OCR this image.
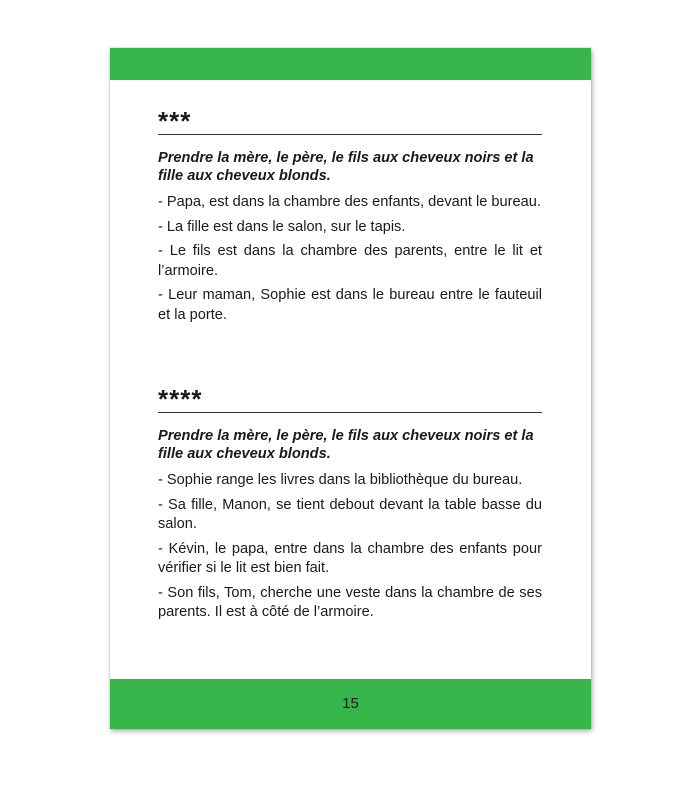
***

Prendre la mère, le père, le fils aux cheveux noirs et la fille aux cheveux blonds.

- Papa, est dans la chambre des enfants, devant le bureau.

- La fille est dans le salon, sur le tapis.

- Le fils est dans la chambre des parents, entre le lit et l’armoire.

- Leur maman, Sophie est dans le bureau entre le fauteuil et la porte.

****

Prendre la mère, le père, le fils aux cheveux noirs et la fille aux cheveux blonds.

- Sophie range les livres dans la bibliothèque du bureau.

- Sa fille, Manon, se tient debout devant la table basse du salon.

- Kévin, le papa, entre dans la chambre des enfants pour vérifier si le lit est bien fait.

- Son fils, Tom, cherche une veste dans la chambre de ses parents. Il est à côté de l’armoire.

15
